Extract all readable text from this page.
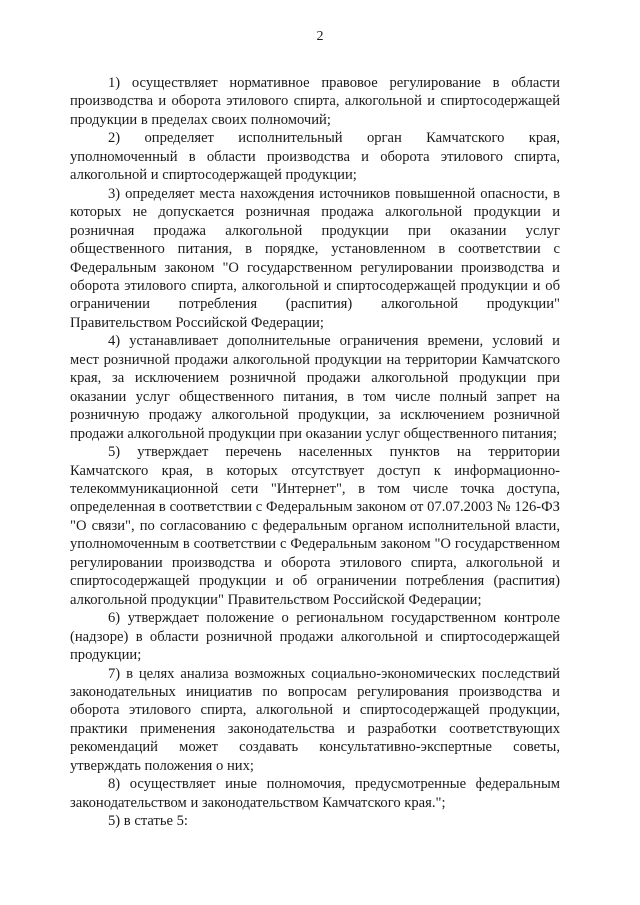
2

1) осуществляет нормативное правовое регулирование в области производства и оборота этилового спирта, алкогольной и спиртосодержащей продукции в пределах своих полномочий;

2) определяет исполнительный орган Камчатского края, уполномоченный в области производства и оборота этилового спирта, алкогольной и спиртосодержащей продукции;

3) определяет места нахождения источников повышенной опасности, в которых не допускается розничная продажа алкогольной продукции и розничная продажа алкогольной продукции при оказании услуг общественного питания, в порядке, установленном в соответствии с Федеральным законом "О государственном регулировании производства и оборота этилового спирта, алкогольной и спиртосодержащей продукции и об ограничении потребления (распития) алкогольной продукции" Правительством Российской Федерации;

4) устанавливает дополнительные ограничения времени, условий и мест розничной продажи алкогольной продукции на территории Камчатского края, за исключением розничной продажи алкогольной продукции при оказании услуг общественного питания, в том числе полный запрет на розничную продажу алкогольной продукции, за исключением розничной продажи алкогольной продукции при оказании услуг общественного питания;

5) утверждает перечень населенных пунктов на территории Камчатского края, в которых отсутствует доступ к информационно-телекоммуникационной сети "Интернет", в том числе точка доступа, определенная в соответствии с Федеральным законом от 07.07.2003 № 126-ФЗ "О связи", по согласованию с федеральным органом исполнительной власти, уполномоченным в соответствии с Федеральным законом "О государственном регулировании производства и оборота этилового спирта, алкогольной и спиртосодержащей продукции и об ограничении потребления (распития) алкогольной продукции" Правительством Российской Федерации;

6) утверждает положение о региональном государственном контроле (надзоре) в области розничной продажи алкогольной и спиртосодержащей продукции;

7) в целях анализа возможных социально-экономических последствий законодательных инициатив по вопросам регулирования производства и оборота этилового спирта, алкогольной и спиртосодержащей продукции, практики применения законодательства и разработки соответствующих рекомендаций может создавать консультативно-экспертные советы, утверждать положения о них;

8) осуществляет иные полномочия, предусмотренные федеральным законодательством и законодательством Камчатского края.";

5) в статье 5:
